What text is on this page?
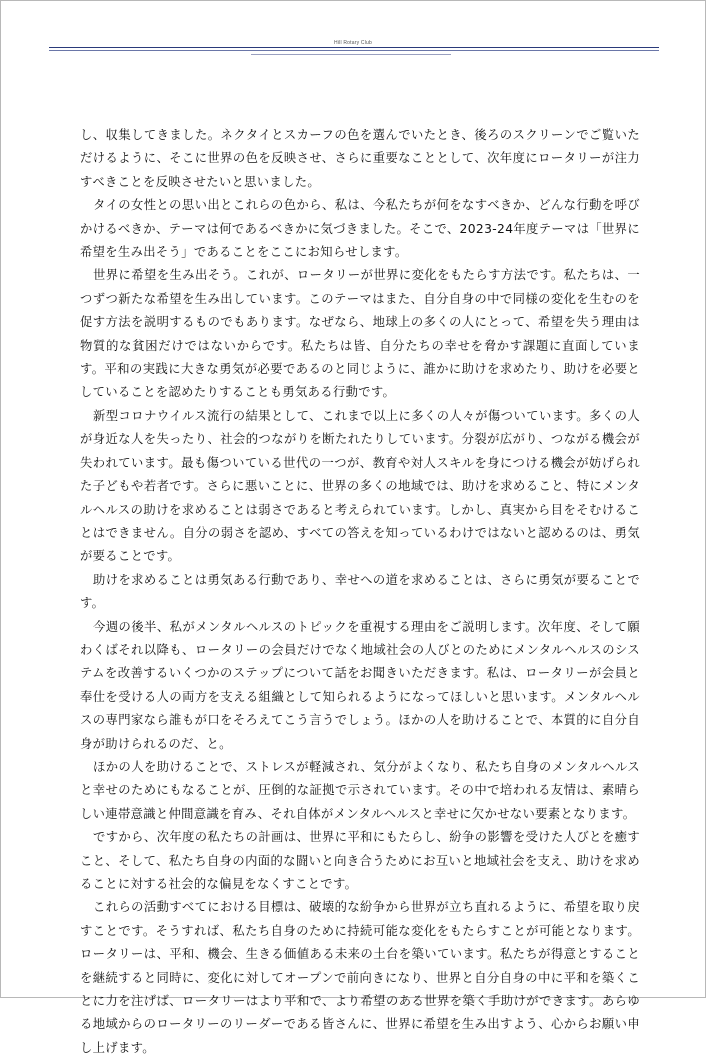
Hill Rotary Club

し、収集してきました。ネクタイとスカーフの色を選んでいたとき、後ろのスクリーンでご覧いただけるように、そこに世界の色を反映させ、さらに重要なこととして、次年度にロータリーが注力すべきことを反映させたいと思いました。

タイの女性との思い出とこれらの色から、私は、今私たちが何をなすべきか、どんな行動を呼びかけるべきか、テーマは何であるべきかに気づきました。そこで、2023-24年度テーマは「世界に希望を生み出そう」であることをここにお知らせします。

世界に希望を生み出そう。これが、ロータリーが世界に変化をもたらす方法です。私たちは、一つずつ新たな希望を生み出しています。このテーマはまた、自分自身の中で同様の変化を生むのを促す方法を説明するものでもあります。なぜなら、地球上の多くの人にとって、希望を失う理由は物質的な貧困だけではないからです。私たちは皆、自分たちの幸せを脅かす課題に直面しています。平和の実践に大きな勇気が必要であるのと同じように、誰かに助けを求めたり、助けを必要としていることを認めたりすることも勇気ある行動です。

新型コロナウイルス流行の結果として、これまで以上に多くの人々が傷ついています。多くの人が身近な人を失ったり、社会的つながりを断たれたりしています。分裂が広がり、つながる機会が失われています。最も傷ついている世代の一つが、教育や対人スキルを身につける機会が妨げられた子どもや若者です。さらに悪いことに、世界の多くの地域では、助けを求めること、特にメンタルヘルスの助けを求めることは弱さであると考えられています。しかし、真実から目をそむけることはできません。自分の弱さを認め、すべての答えを知っているわけではないと認めるのは、勇気が要ることです。

助けを求めることは勇気ある行動であり、幸せへの道を求めることは、さらに勇気が要ることです。

今週の後半、私がメンタルヘルスのトピックを重視する理由をご説明します。次年度、そして願わくばそれ以降も、ロータリーの会員だけでなく地域社会の人びとのためにメンタルヘルスのシステムを改善するいくつかのステップについて話をお聞きいただきます。私は、ロータリーが会員と奉仕を受ける人の両方を支える組織として知られるようになってほしいと思います。メンタルヘルスの専門家なら誰もが口をそろえてこう言うでしょう。ほかの人を助けることで、本質的に自分自身が助けられるのだ、と。

ほかの人を助けることで、ストレスが軽減され、気分がよくなり、私たち自身のメンタルヘルスと幸せのためにもなることが、圧倒的な証拠で示されています。その中で培われる友情は、素晴らしい連帯意識と仲間意識を育み、それ自体がメンタルヘルスと幸せに欠かせない要素となります。

ですから、次年度の私たちの計画は、世界に平和にもたらし、紛争の影響を受けた人びとを癒すこと、そして、私たち自身の内面的な闘いと向き合うためにお互いと地域社会を支え、助けを求めることに対する社会的な偏見をなくすことです。

これらの活動すべてにおける目標は、破壊的な紛争から世界が立ち直れるように、希望を取り戻すことです。そうすれば、私たち自身のために持続可能な変化をもたらすことが可能となります。ロータリーは、平和、機会、生きる価値ある未来の土台を築いています。私たちが得意とすることを継続すると同時に、変化に対してオープンで前向きになり、世界と自分自身の中に平和を築くことに力を注げば、ロータリーはより平和で、より希望のある世界を築く手助けができます。あらゆる地域からのロータリーのリーダーである皆さんに、世界に希望を生み出すよう、心からお願い申し上げます。
